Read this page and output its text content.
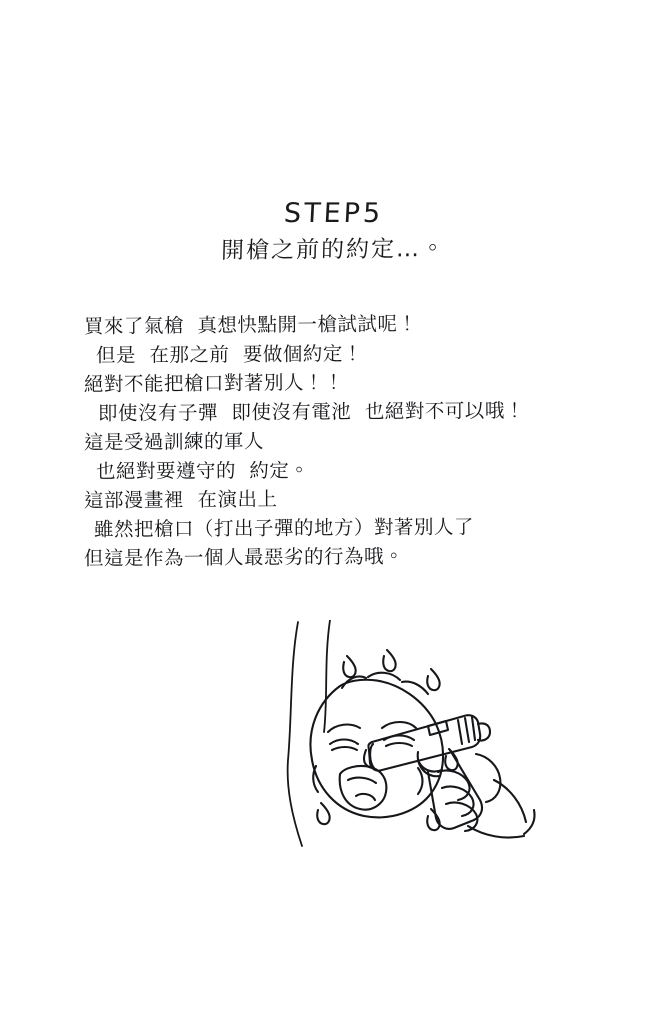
STEP5
開槍之前的約定…。
買來了氣槍  真想快點開一槍試試呢！
但是  在那之前  要做個約定！
絕對不能把槍口對著別人！！
即使沒有子彈  即使沒有電池  也絕對不可以哦！
這是受過訓練的軍人
也絕對要遵守的  約定。
這部漫畫裡  在演出上
雖然把槍口（打出子彈的地方）對著別人了
但這是作為一個人最惡劣的行為哦。
